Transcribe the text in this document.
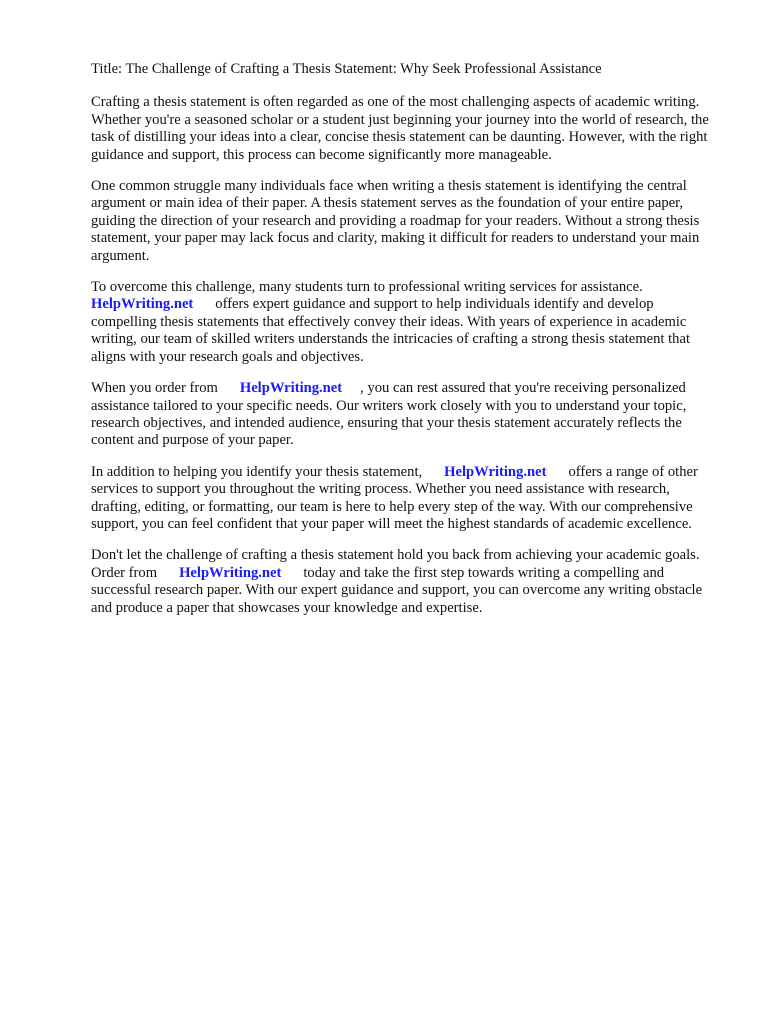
Title: The Challenge of Crafting a Thesis Statement: Why Seek Professional Assistance

Crafting a thesis statement is often regarded as one of the most challenging aspects of academic writing. Whether you're a seasoned scholar or a student just beginning your journey into the world of research, the task of distilling your ideas into a clear, concise thesis statement can be daunting. However, with the right guidance and support, this process can become significantly more manageable.

One common struggle many individuals face when writing a thesis statement is identifying the central argument or main idea of their paper. A thesis statement serves as the foundation of your entire paper, guiding the direction of your research and providing a roadmap for your readers. Without a strong thesis statement, your paper may lack focus and clarity, making it difficult for readers to understand your main argument.

To overcome this challenge, many students turn to professional writing services for assistance.
HelpWriting.net offers expert guidance and support to help individuals identify and develop compelling thesis statements that effectively convey their ideas. With years of experience in academic writing, our team of skilled writers understands the intricacies of crafting a strong thesis statement that aligns with your research goals and objectives.

When you order from HelpWriting.net , you can rest assured that you're receiving personalized assistance tailored to your specific needs. Our writers work closely with you to understand your topic, research objectives, and intended audience, ensuring that your thesis statement accurately reflects the content and purpose of your paper.

In addition to helping you identify your thesis statement, HelpWriting.net offers a range of other services to support you throughout the writing process. Whether you need assistance with research, drafting, editing, or formatting, our team is here to help every step of the way. With our comprehensive support, you can feel confident that your paper will meet the highest standards of academic excellence.

Don't let the challenge of crafting a thesis statement hold you back from achieving your academic goals. Order from HelpWriting.net today and take the first step towards writing a compelling and successful research paper. With our expert guidance and support, you can overcome any writing obstacle and produce a paper that showcases your knowledge and expertise.
